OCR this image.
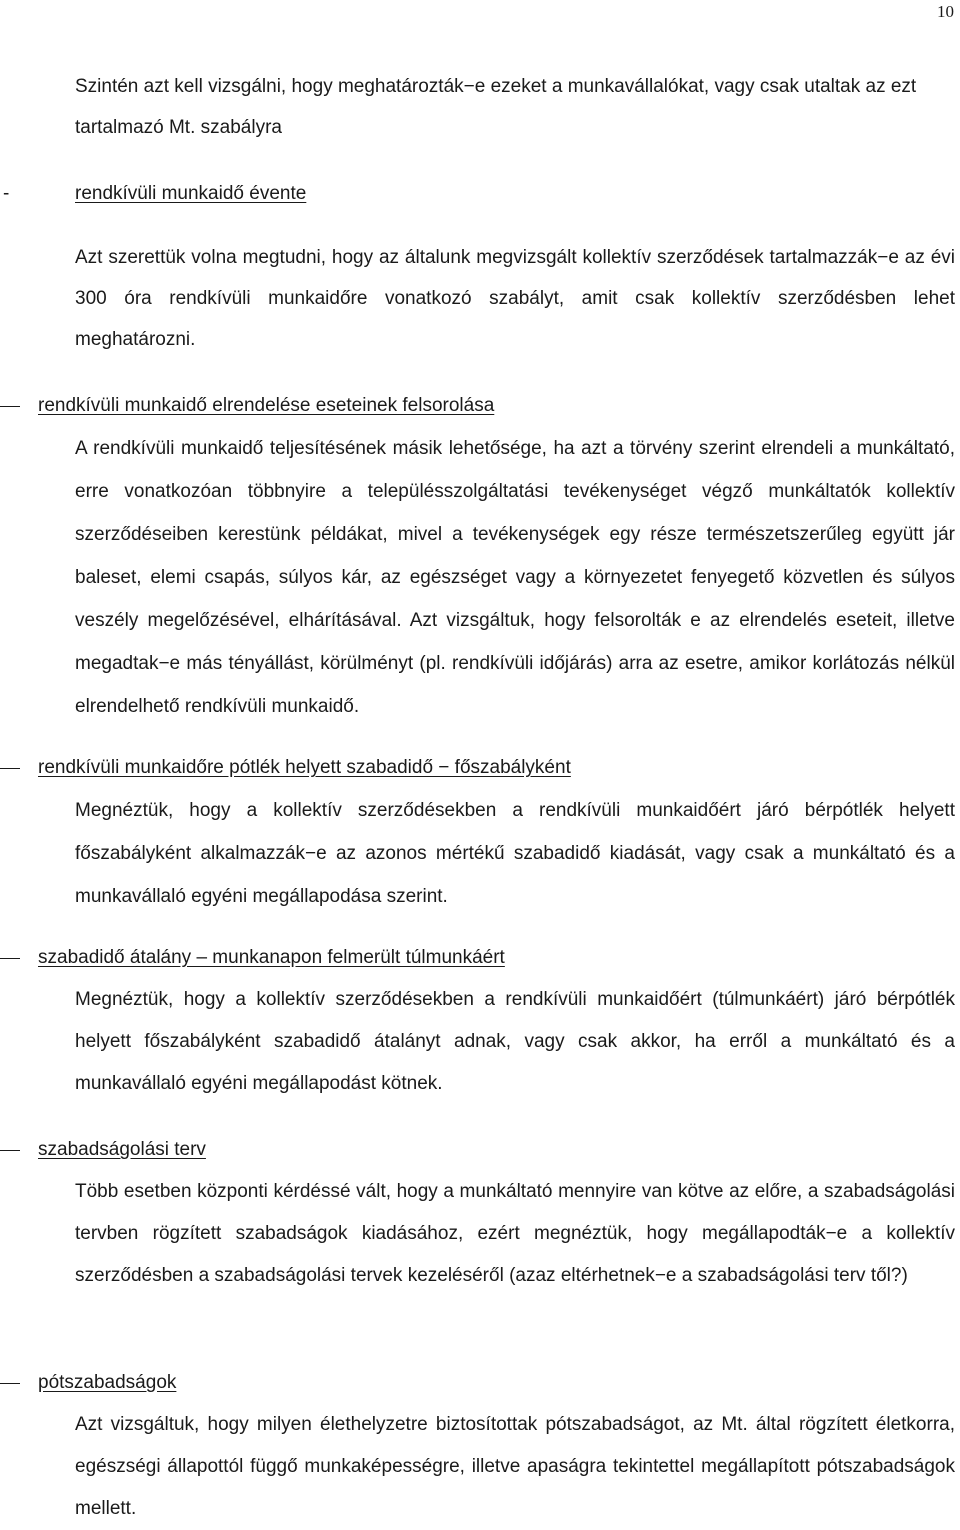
10
Szintén azt kell vizsgálni, hogy meghatározták−e ezeket a munkavállalókat, vagy csak utaltak az ezt tartalmazó Mt. szabályra
-	rendkívüli munkaidő évente
Azt szerettük volna megtudni, hogy az általunk megvizsgált kollektív szerződések tartalmazzák−e az évi 300 óra rendkívüli munkaidőre vonatkozó szabályt, amit csak kollektív szerződésben lehet meghatározni.
rendkívüli munkaidő elrendelése eseteinek felsorolása
A rendkívüli munkaidő teljesítésének másik lehetősége, ha azt a törvény szerint elrendeli a munkáltató, erre vonatkozóan többnyire a településszolgáltatási tevékenységet végző munkáltatók kollektív szerződéseiben kerestünk példákat, mivel a tevékenységek egy része természetszerűleg együtt jár baleset, elemi csapás, súlyos kár, az egészséget vagy a környezetet fenyegető közvetlen és súlyos veszély megelőzésével, elhárításával. Azt vizsgáltuk, hogy felsorolták e az elrendelés eseteit, illetve megadtak−e más tényállást, körülményt (pl. rendkívüli időjárás) arra az esetre, amikor korlátozás nélkül elrendelhető rendkívüli munkaidő.
rendkívüli munkaidőre pótlék helyett szabadidő − főszabályként
Megnéztük, hogy a kollektív szerződésekben a rendkívüli munkaidőért járó bérpótlék helyett főszabályként alkalmazzák−e az azonos mértékű szabadidő kiadását, vagy csak a munkáltató és a munkavállaló egyéni megállapodása szerint.
szabadidő átalány – munkanapon felmerült túlmunkáért
Megnéztük, hogy a kollektív szerződésekben a rendkívüli munkaidőért (túlmunkáért) járó bérpótlék helyett főszabályként szabadidő átalányt adnak, vagy csak akkor, ha erről a munkáltató és a munkavállaló egyéni megállapodást kötnek.
szabadságolási terv
Több esetben központi kérdéssé vált, hogy a munkáltató mennyire van kötve az előre, a szabadságolási tervben rögzített szabadságok kiadásához, ezért megnéztük, hogy megállapodták−e a kollektív szerződésben a szabadságolási tervek kezeléséről (azaz eltérhetnek−e a szabadságolási terv től?)
pótszabadságok
Azt vizsgáltuk, hogy milyen élethelyzetre biztosítottak pótszabadságot, az Mt. által rögzített életkorra, egészségi állapottól függő munkaképességre, illetve apaságra tekintettel megállapított pótszabadságok mellett.
